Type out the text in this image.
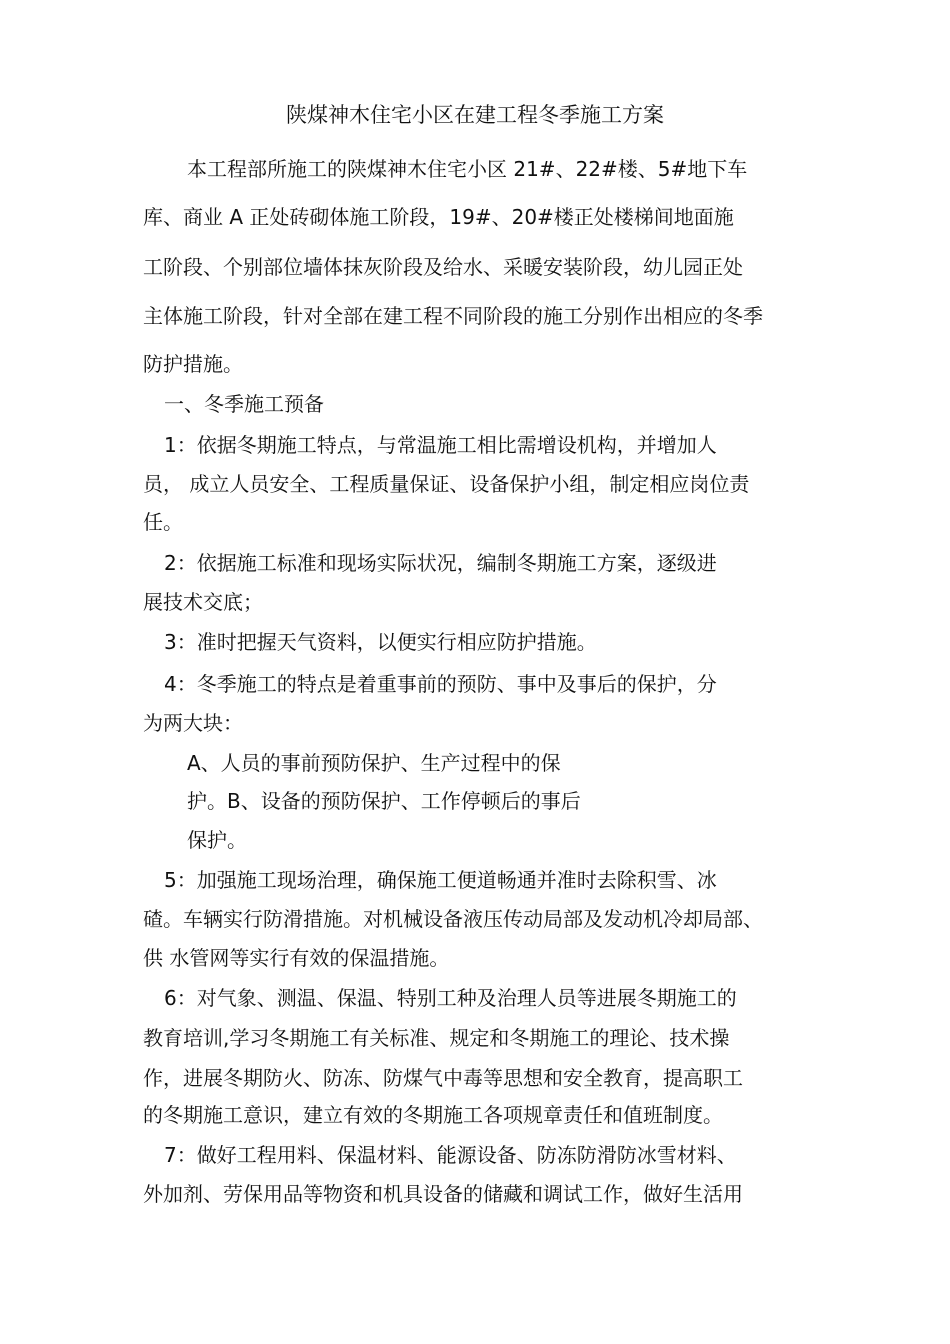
陕煤神木住宅小区在建工程冬季施工方案

本工程部所施工的陕煤神木住宅小区 21#、22#楼、5#地下车

库、商业 A 正处砖砌体施工阶段，19#、20#楼正处楼梯间地面施

工阶段、个别部位墙体抹灰阶段及给水、采暖安装阶段，幼儿园正处

主体施工阶段，针对全部在建工程不同阶段的施工分别作出相应的冬季

防护措施。

一、冬季施工预备

1：依据冬期施工特点，与常温施工相比需增设机构，并增加人

员， 成立人员安全、工程质量保证、设备保护小组，制定相应岗位责

任。

2：依据施工标准和现场实际状况，编制冬期施工方案，逐级进

展技术交底；

3：准时把握天气资料，以便实行相应防护措施。

4：冬季施工的特点是着重事前的预防、事中及事后的保护，分

为两大块：

A、人员的事前预防保护、生产过程中的保

护。B、设备的预防保护、工作停顿后的事后

保护。

5：加强施工现场治理，确保施工便道畅通并准时去除积雪、冰

碴。车辆实行防滑措施。对机械设备液压传动局部及发动机冷却局部、

供 水管网等实行有效的保温措施。

6：对气象、测温、保温、特别工种及治理人员等进展冬期施工的

教育培训,学习冬期施工有关标准、规定和冬期施工的理论、技术操

作，进展冬期防火、防冻、防煤气中毒等思想和安全教育，提高职工

的冬期施工意识，建立有效的冬期施工各项规章责任和值班制度。

7：做好工程用料、保温材料、能源设备、防冻防滑防冰雪材料、

外加剂、劳保用品等物资和机具设备的储藏和调试工作，做好生活用
